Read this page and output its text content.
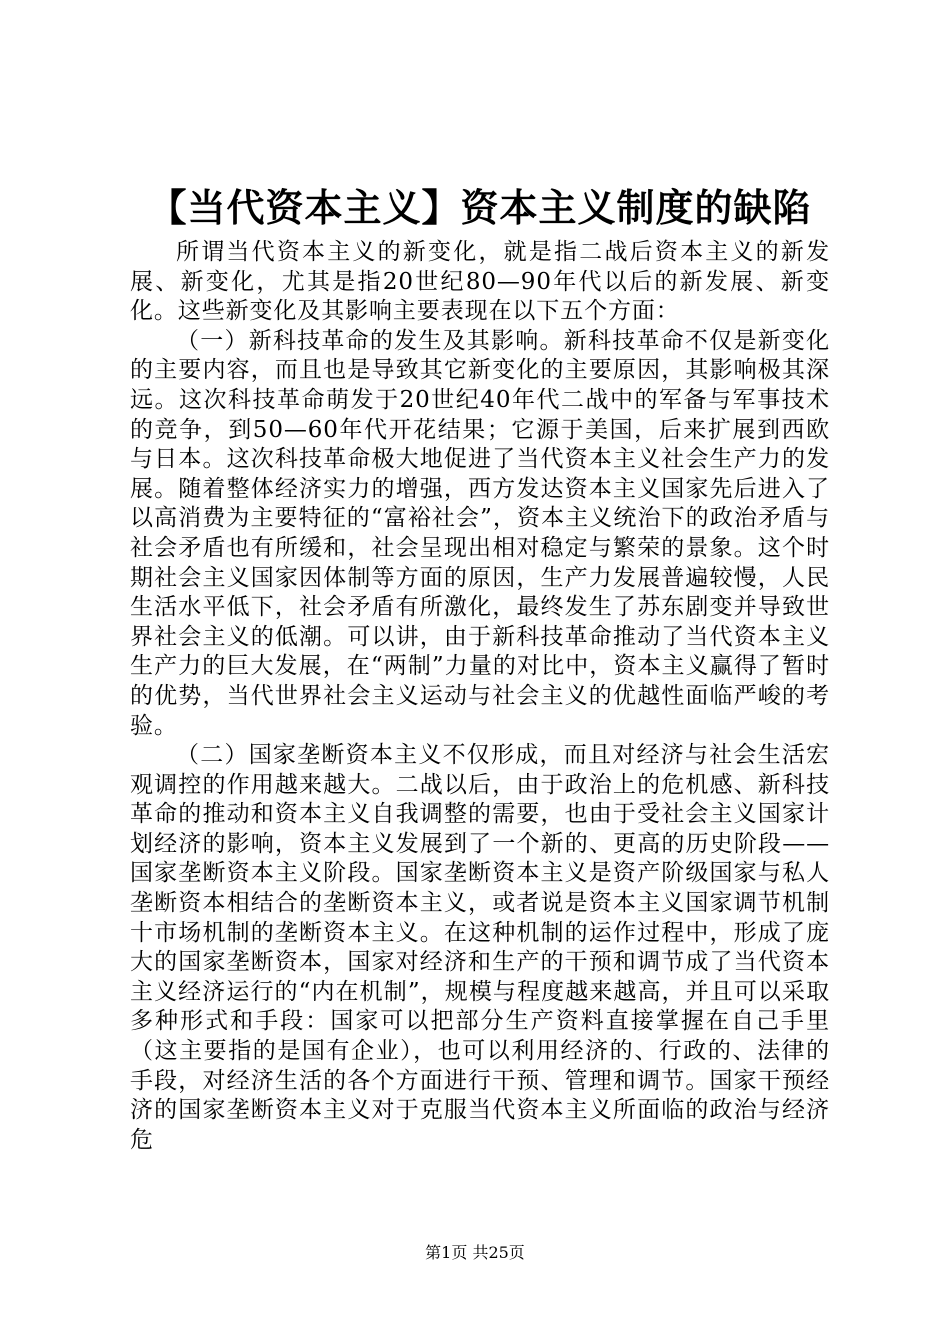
【当代资本主义】资本主义制度的缺陷

所谓当代资本主义的新变化，就是指二战后资本主义的新发展、新变化，尤其是指20世纪80—90年代以后的新发展、新变化。这些新变化及其影响主要表现在以下五个方面：

（一）新科技革命的发生及其影响。新科技革命不仅是新变化的主要内容，而且也是导致其它新变化的主要原因，其影响极其深远。这次科技革命萌发于20世纪40年代二战中的军备与军事技术的竞争，到50—60年代开花结果；它源于美国，后来扩展到西欧与日本。这次科技革命极大地促进了当代资本主义社会生产力的发展。随着整体经济实力的增强，西方发达资本主义国家先后进入了以高消费为主要特征的“富裕社会”，资本主义统治下的政治矛盾与社会矛盾也有所缓和，社会呈现出相对稳定与繁荣的景象。这个时期社会主义国家因体制等方面的原因，生产力发展普遍较慢，人民生活水平低下，社会矛盾有所激化，最终发生了苏东剧变并导致世界社会主义的低潮。可以讲，由于新科技革命推动了当代资本主义生产力的巨大发展，在“两制”力量的对比中，资本主义赢得了暂时的优势，当代世界社会主义运动与社会主义的优越性面临严峻的考验。

（二）国家垄断资本主义不仅形成，而且对经济与社会生活宏观调控的作用越来越大。二战以后，由于政治上的危机感、新科技革命的推动和资本主义自我调整的需要，也由于受社会主义国家计划经济的影响，资本主义发展到了一个新的、更高的历史阶段——国家垄断资本主义阶段。国家垄断资本主义是资产阶级国家与私人垄断资本相结合的垄断资本主义，或者说是资本主义国家调节机制十市场机制的垄断资本主义。在这种机制的运作过程中，形成了庞大的国家垄断资本，国家对经济和生产的干预和调节成了当代资本主义经济运行的“内在机制”，规模与程度越来越高，并且可以采取多种形式和手段：国家可以把部分生产资料直接掌握在自己手里（这主要指的是国有企业），也可以利用经济的、行政的、法律的手段，对经济生活的各个方面进行干预、管理和调节。国家干预经济的国家垄断资本主义对于克服当代资本主义所面临的政治与经济危

第1页 共25页
